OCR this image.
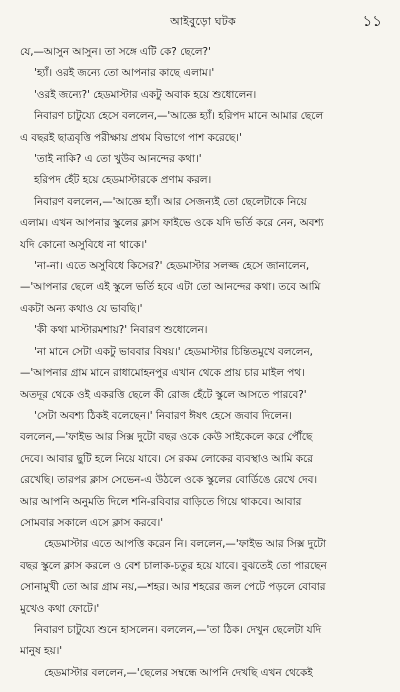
আইবুড়ো ঘটক	১১
যে,—আসুন আসুন। তা সঙ্গে এটি কে? ছেলে?'
'হ্যাঁ। ওরই জন্যে তো আপনার কাছে এলাম।'
'ওরই জন্যে?' হেডমাস্টার একটু অবাক হয়ে শুধোলেন।
নিবারণ চাটুয্যে হেসে বললেন,—'আজ্ঞে হ্যাঁ। হরিপদ মানে আমার ছেলে
এ বছরই ছাত্রবৃত্তি পরীক্ষায় প্রথম বিভাগে পাশ করেছে।'
'তাই নাকি? এ তো খুউব আনন্দের কথা।'
হরিপদ হেঁট হয়ে হেডমাস্টারকে প্রণাম করল।
নিবারণ বললেন,—'আজ্ঞে হ্যাঁ। আর সেজন্যই তো ছেলেটাকে নিয়ে
এলাম। এখন আপনার স্কুলের ক্লাস ফাইভে ওকে যদি ভর্তি করে নেন, অবশ্য
যদি কোনো অসুবিধে না থাকে।'
'না-না। এতে অসুবিধে কিসের?' হেডমাস্টার সলজ্জ হেসে জানালেন,
—'আপনার ছেলে এই স্কুলে ভর্তি হবে এটা তো আনন্দের কথা। তবে আমি
একটা অন্য কথাও যে ভাবছি।'
'কী কথা মাস্টারমশায়?' নিবারণ শুধোলেন।
'না মানে সেটা একটু ভাববার বিষয়।' হেডমাস্টার চিন্তিতমুখে বললেন,
—'আপনার গ্রাম মানে রাধামোহনপুর এখান থেকে প্রায় চার মাইল পথ।
অতদূর থেকে ওই একরত্তি ছেলে কী রোজ হেঁটে স্কুলে আসতে পারবে?'
'সেটা অবশ্য ঠিকই বলেছেন।' নিবারণ ঈষৎ হেসে জবাব দিলেন।
বললেন,—'ফাইভ আর সিক্স দুটো বছর ওকে কেউ সাইকেলে করে পৌঁছে
দেবে। আবার ছুটি হলে নিয়ে যাবে। সে রকম লোকের ব্যবস্থাও আমি করে
রেখেছি। তারপর ক্লাস সেভেন-এ উঠলে ওকে স্কুলের বোর্ডিঙে রেখে দেব।
আর আপনি অনুমতি দিলে শনি-রবিবার বাড়িতে গিয়ে থাকবে। আবার
সোমবার সকালে এসে ক্লাস করবে।'
হেডমাস্টার এতে আপত্তি করেন নি। বললেন,—'ফাইভ আর সিক্স দুটো
বছর স্কুলে ক্লাস করলে ও বেশ চালাক-চতুর হয়ে যাবে। বুঝতেই তো পারছেন
সোনামুখী তো আর গ্রাম নয়,—শহর। আর শহরের জল পেটে পড়লে বোবার
মুখেও কথা ফোটে।'
নিবারণ চাটুয্যে শুনে হাসলেন। বললেন,—'তা ঠিক। দেখুন ছেলেটা যদি
মানুষ হয়।'
হেডমাস্টার বললেন,—'ছেলের সম্বন্ধে আপনি দেখছি এখন থেকেই
